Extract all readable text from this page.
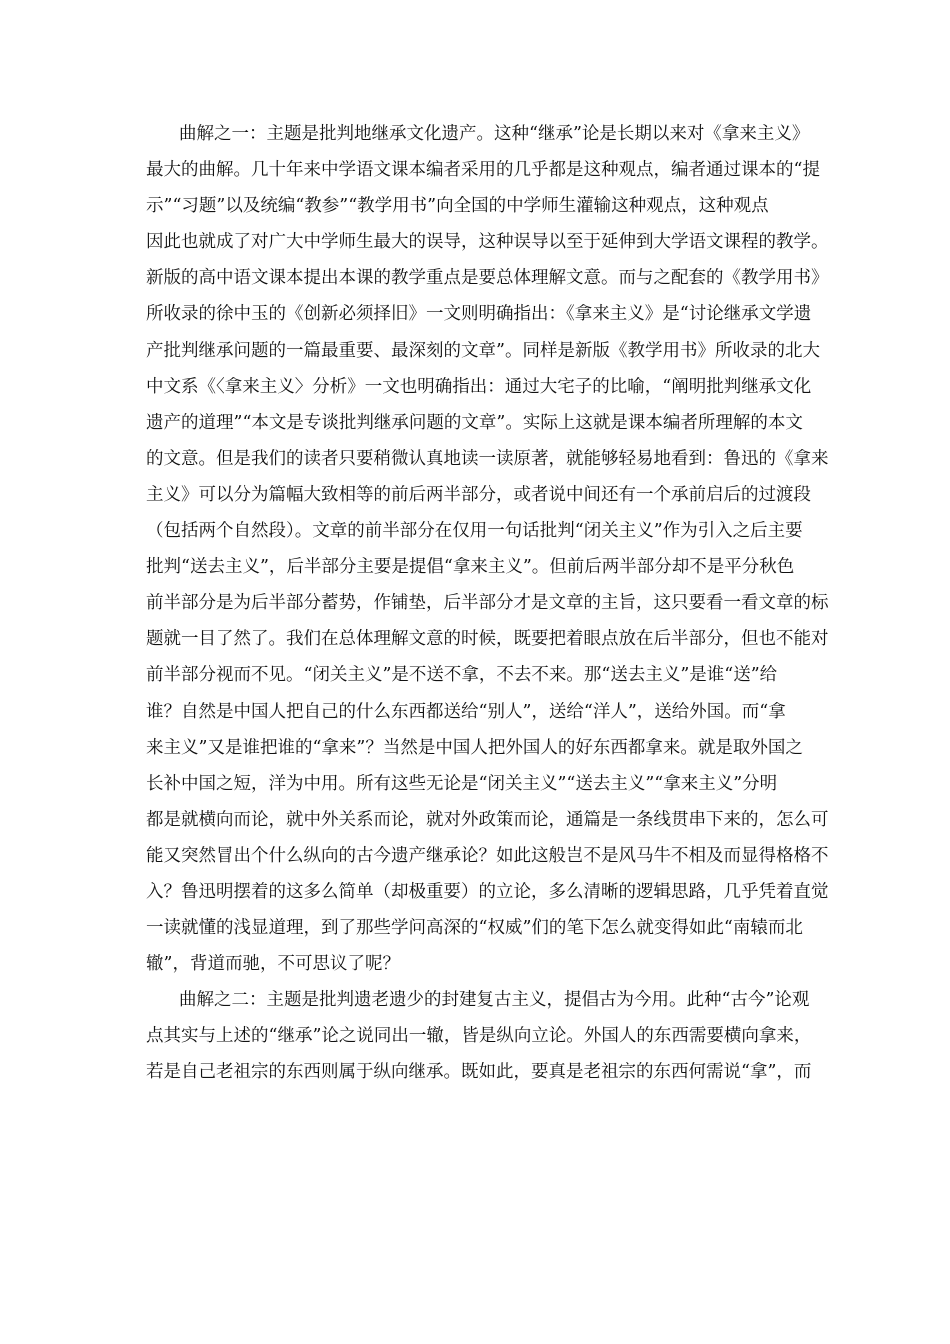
曲解之一：主题是批判地继承文化遗产。这种“继承”论是长期以来对《拿来主义》
最大的曲解。几十年来中学语文课本编者采用的几乎都是这种观点，编者通过课本的“提
示”“习题”以及统编“教参”“教学用书”向全国的中学师生灌输这种观点，这种观点
因此也就成了对广大中学师生最大的误导，这种误导以至于延伸到大学语文课程的教学。
新版的高中语文课本提出本课的教学重点是要总体理解文意。而与之配套的《教学用书》
所收录的徐中玉的《创新必须择旧》一文则明确指出：《拿来主义》是“讨论继承文学遗
产批判继承问题的一篇最重要、最深刻的文章”。同样是新版《教学用书》所收录的北大
中文系《〈拿来主义〉分析》一文也明确指出：通过大宅子的比喻，“阐明批判继承文化
遗产的道理”“本文是专谈批判继承问题的文章”。实际上这就是课本编者所理解的本文
的文意。但是我们的读者只要稍微认真地读一读原著，就能够轻易地看到：鲁迅的《拿来
主义》可以分为篇幅大致相等的前后两半部分，或者说中间还有一个承前启后的过渡段
（包括两个自然段）。文章的前半部分在仅用一句话批判“闭关主义”作为引入之后主要
批判“送去主义”，后半部分主要是提倡“拿来主义”。但前后两半部分却不是平分秋色
前半部分是为后半部分蓄势，作铺垫，后半部分才是文章的主旨，这只要看一看文章的标
题就一目了然了。我们在总体理解文意的时候，既要把着眼点放在后半部分，但也不能对
前半部分视而不见。“闭关主义”是不送不拿，不去不来。那“送去主义”是谁“送”给
谁？自然是中国人把自己的什么东西都送给“别人”，送给“洋人”，送给外国。而“拿
来主义”又是谁把谁的“拿来”？当然是中国人把外国人的好东西都拿来。就是取外国之
长补中国之短，洋为中用。所有这些无论是“闭关主义”“送去主义”“拿来主义”分明
都是就横向而论，就中外关系而论，就对外政策而论，通篇是一条线贯串下来的，怎么可
能又突然冒出个什么纵向的古今遗产继承论？如此这般岂不是风马牛不相及而显得格格不
入？鲁迅明摆着的这多么简单（却极重要）的立论，多么清晰的逻辑思路，几乎凭着直觉
一读就懂的浅显道理，到了那些学问高深的“权威”们的笔下怎么就变得如此“南辕而北
辙”，背道而驰，不可思议了呢？
曲解之二：主题是批判遗老遗少的封建复古主义，提倡古为今用。此种“古今”论观
点其实与上述的“继承”论之说同出一辙，皆是纵向立论。外国人的东西需要横向拿来，
若是自己老祖宗的东西则属于纵向继承。既如此，要真是老祖宗的东西何需说“拿”，而
